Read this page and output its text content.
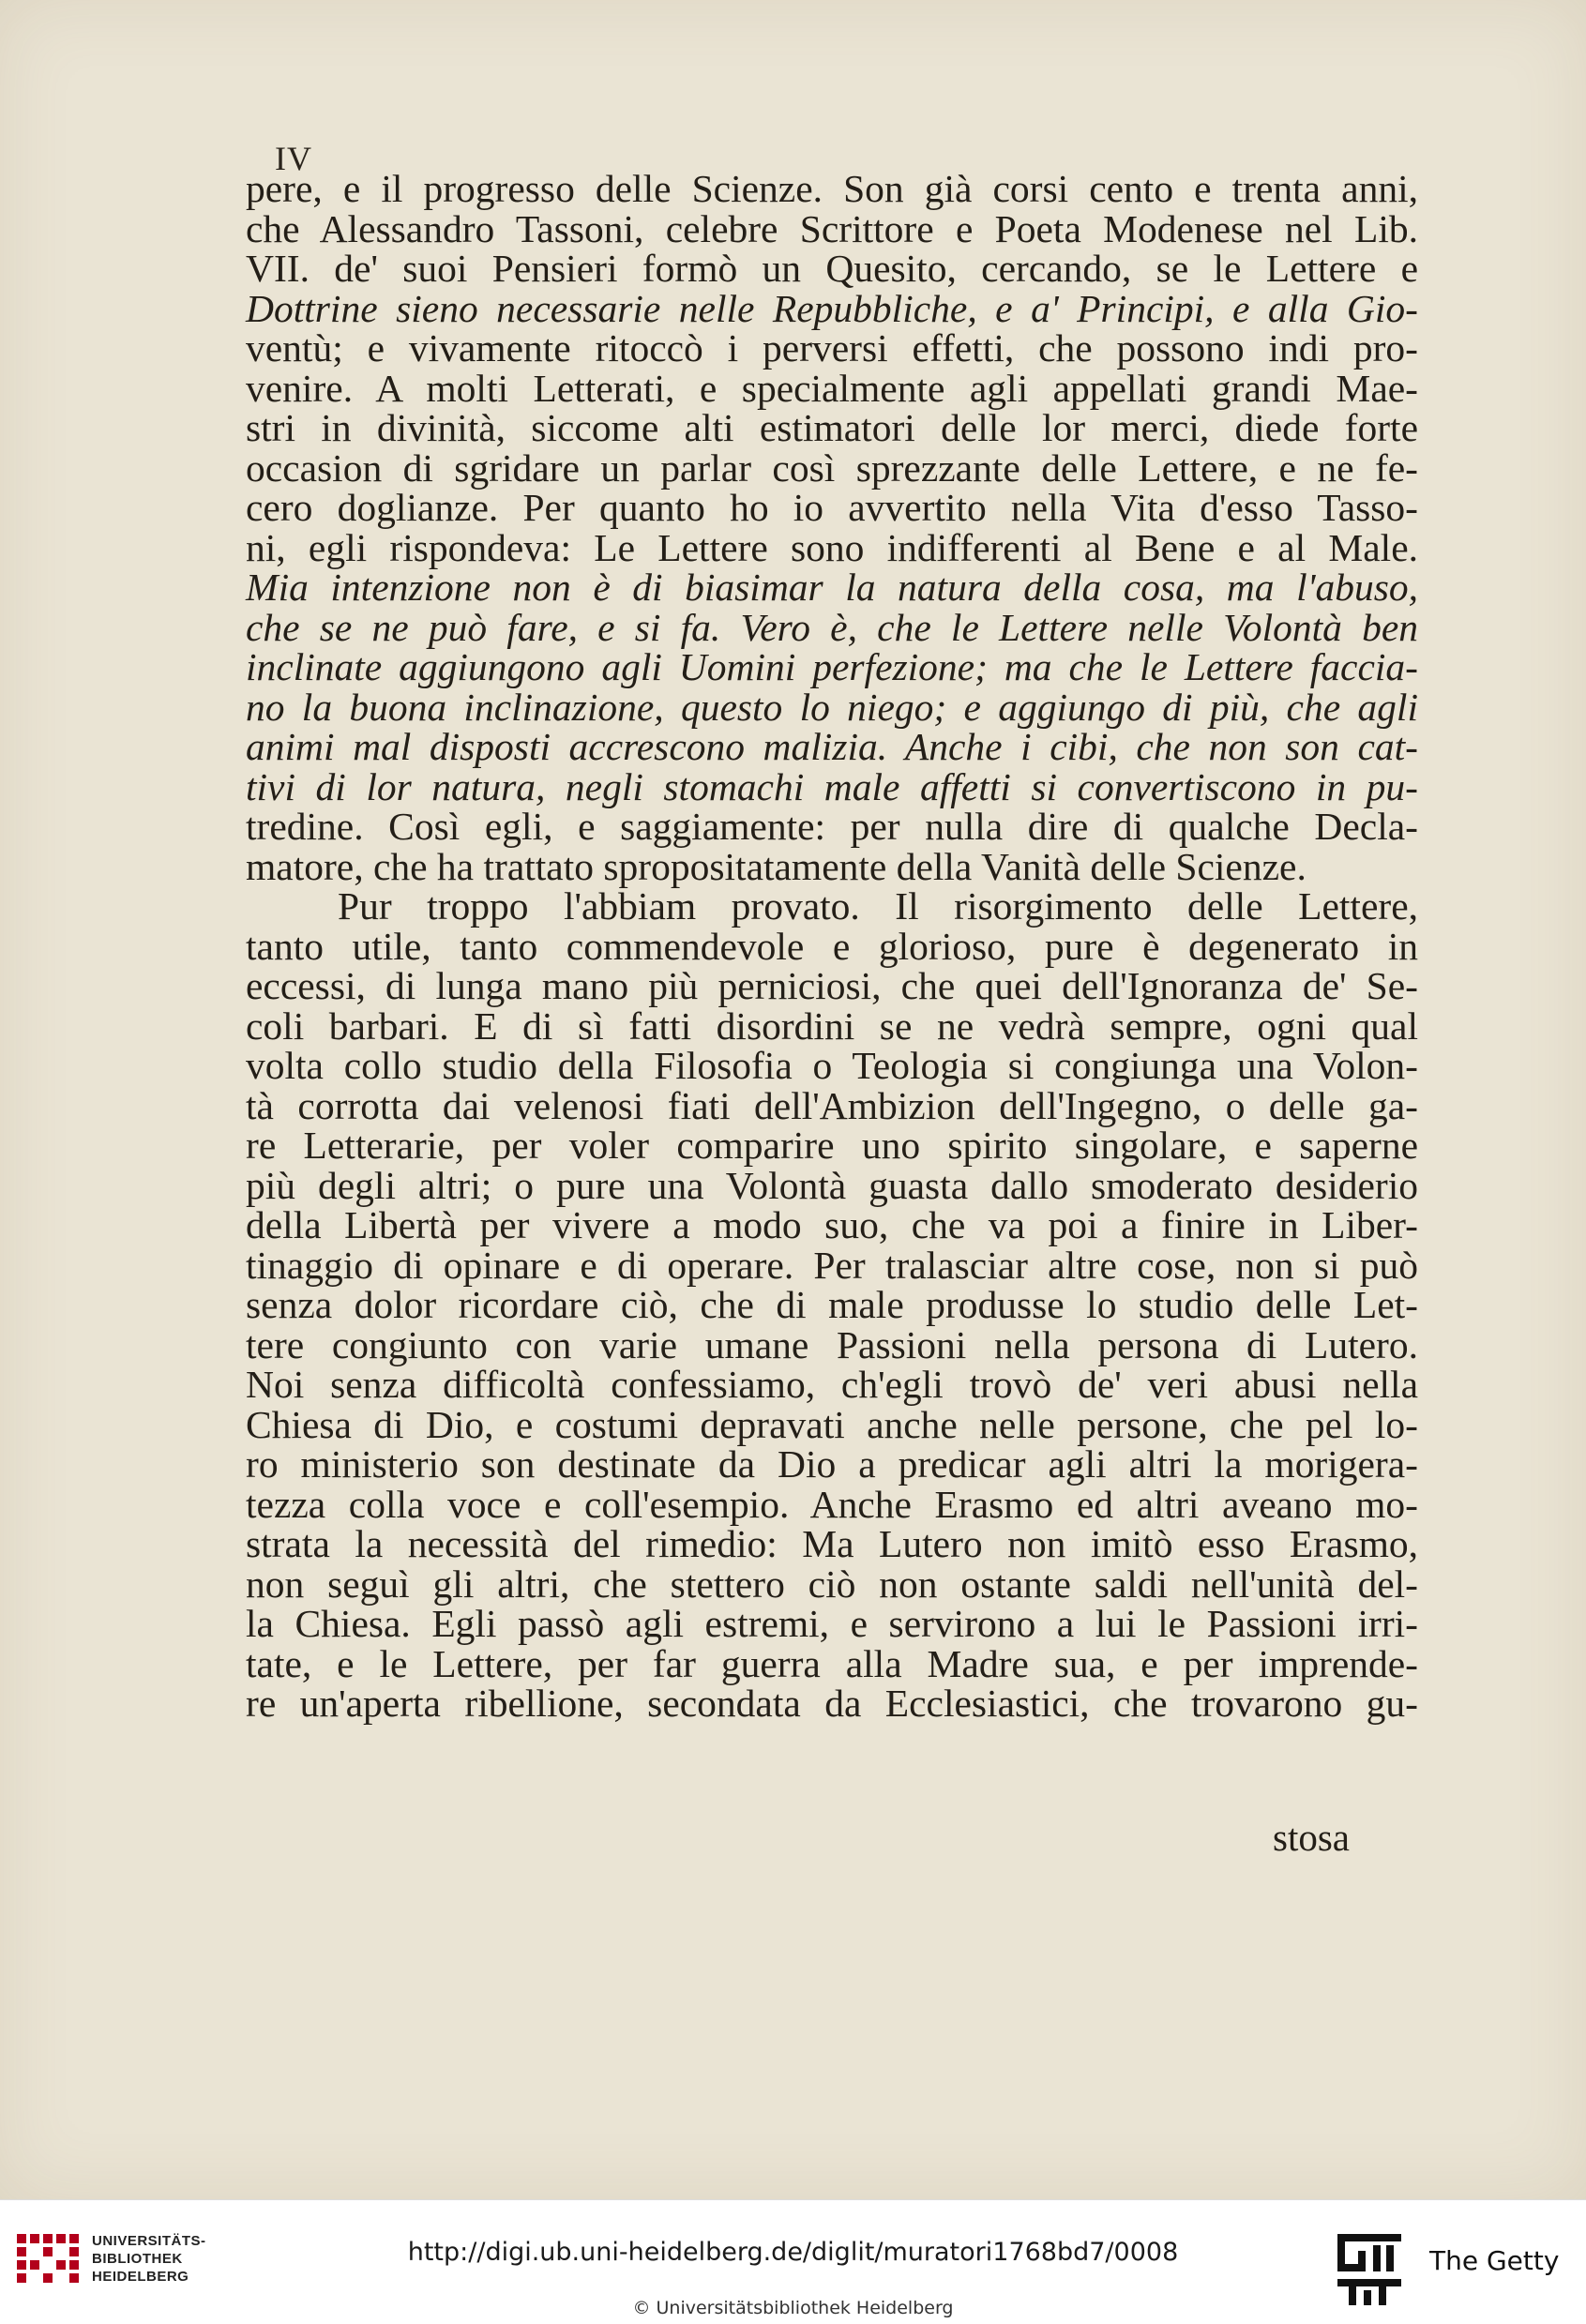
IV
pere, e il progresso delle Scienze. Son già corsi cento e trenta anni,
che Alessandro Tassoni, celebre Scrittore e Poeta Modenese nel Lib.
VII. de' suoi Pensieri formò un Quesito, cercando, se le Lettere e
Dottrine sieno necessarie nelle Repubbliche, e a' Principi, e alla Gio-
ventù; e vivamente ritoccò i perversi effetti, che possono indi pro-
venire. A molti Letterati, e specialmente agli appellati grandi Mae-
stri in divinità, siccome alti estimatori delle lor merci, diede forte
occasion di sgridare un parlar così sprezzante delle Lettere, e ne fe-
cero doglianze. Per quanto ho io avvertito nella Vita d'esso Tasso-
ni, egli rispondeva: Le Lettere sono indifferenti al Bene e al Male.
Mia intenzione non è di biasimar la natura della cosa, ma l'abuso,
che se ne può fare, e si fa. Vero è, che le Lettere nelle Volontà ben
inclinate aggiungono agli Uomini perfezione; ma che le Lettere faccia-
no la buona inclinazione, questo lo niego; e aggiungo di più, che agli
animi mal disposti accrescono malizia. Anche i cibi, che non son cat-
tivi di lor natura, negli stomachi male affetti si convertiscono in pu-
tredine. Così egli, e saggiamente: per nulla dire di qualche Decla-
matore, che ha trattato spropositatamente della Vanità delle Scienze.
Pur troppo l'abbiam provato. Il risorgimento delle Lettere,
tanto utile, tanto commendevole e glorioso, pure è degenerato in
eccessi, di lunga mano più perniciosi, che quei dell'Ignoranza de' Se-
coli barbari. E di sì fatti disordini se ne vedrà sempre, ogni qual
volta collo studio della Filosofia o Teologia si congiunga una Volon-
tà corrotta dai velenosi fiati dell'Ambizion dell'Ingegno, o delle ga-
re Letterarie, per voler comparire uno spirito singolare, e saperne
più degli altri; o pure una Volontà guasta dallo smoderato desiderio
della Libertà per vivere a modo suo, che va poi a finire in Liber-
tinaggio di opinare e di operare. Per tralasciar altre cose, non si può
senza dolor ricordare ciò, che di male produsse lo studio delle Let-
tere congiunto con varie umane Passioni nella persona di Lutero.
Noi senza difficoltà confessiamo, ch'egli trovò de' veri abusi nella
Chiesa di Dio, e costumi depravati anche nelle persone, che pel lo-
ro ministerio son destinate da Dio a predicar agli altri la morigera-
tezza colla voce e coll'esempio. Anche Erasmo ed altri aveano mo-
strata la necessità del rimedio: Ma Lutero non imitò esso Erasmo,
non seguì gli altri, che stettero ciò non ostante saldi nell'unità del-
la Chiesa. Egli passò agli estremi, e servirono a lui le Passioni irri-
tate, e le Lettere, per far guerra alla Madre sua, e per imprende-
re un'aperta ribellione, secondata da Ecclesiastici, che trovarono gu-
stosa
UNIVERSITÄTS-
BIBLIOTHEK
HEIDELBERG
http://digi.ub.uni-heidelberg.de/diglit/muratori1768bd7/0008
© Universitätsbibliothek Heidelberg
The Getty
